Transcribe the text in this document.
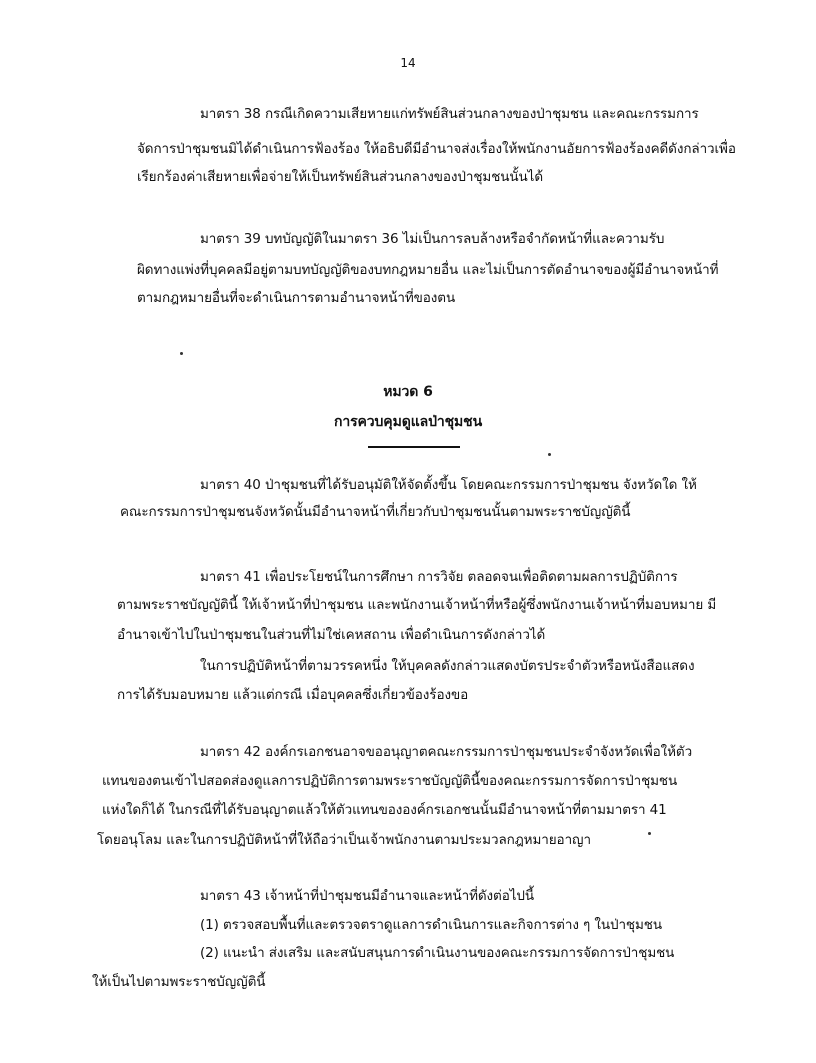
14
มาตรา 38 กรณีเกิดความเสียหายแก่ทรัพย์สินส่วนกลางของป่าชุมชน และคณะกรรมการ
จัดการป่าชุมชนมิได้ดำเนินการฟ้องร้อง ให้อธิบดีมีอำนาจส่งเรื่องให้พนักงานอัยการฟ้องร้องคดีดังกล่าวเพื่อ
เรียกร้องค่าเสียหายเพื่อจ่ายให้เป็นทรัพย์สินส่วนกลางของป่าชุมชนนั้นได้
มาตรา 39 บทบัญญัติในมาตรา 36 ไม่เป็นการลบล้างหรือจำกัดหน้าที่และความรับ
ผิดทางแพ่งที่บุคคลมีอยู่ตามบทบัญญัติของบทกฎหมายอื่น และไม่เป็นการตัดอำนาจของผู้มีอำนาจหน้าที่
ตามกฎหมายอื่นที่จะดำเนินการตามอำนาจหน้าที่ของตน
หมวด 6
การควบคุมดูแลป่าชุมชน
มาตรา 40 ป่าชุมชนที่ได้รับอนุมัติให้จัดตั้งขึ้น โดยคณะกรรมการป่าชุมชน จังหวัดใด ให้
คณะกรรมการป่าชุมชนจังหวัดนั้นมีอำนาจหน้าที่เกี่ยวกับป่าชุมชนนั้นตามพระราชบัญญัตินี้
มาตรา 41 เพื่อประโยชน์ในการศึกษา การวิจัย ตลอดจนเพื่อติดตามผลการปฏิบัติการ
ตามพระราชบัญญัตินี้ ให้เจ้าหน้าที่ป่าชุมชน และพนักงานเจ้าหน้าที่หรือผู้ซึ่งพนักงานเจ้าหน้าที่มอบหมาย มี
อำนาจเข้าไปในป่าชุมชนในส่วนที่ไม่ใช่เคหสถาน เพื่อดำเนินการดังกล่าวได้
ในการปฏิบัติหน้าที่ตามวรรคหนึ่ง ให้บุคคลดังกล่าวแสดงบัตรประจำตัวหรือหนังสือแสดง
การได้รับมอบหมาย แล้วแต่กรณี เมื่อบุคคลซึ่งเกี่ยวข้องร้องขอ
มาตรา 42 องค์กรเอกชนอาจขออนุญาตคณะกรรมการป่าชุมชนประจำจังหวัดเพื่อให้ตัว
แทนของตนเข้าไปสอดส่องดูแลการปฏิบัติการตามพระราชบัญญัตินี้ของคณะกรรมการจัดการป่าชุมชน
แห่งใดก็ได้ ในกรณีที่ได้รับอนุญาตแล้วให้ตัวแทนขององค์กรเอกชนนั้นมีอำนาจหน้าที่ตามมาตรา 41
โดยอนุโลม และในการปฏิบัติหน้าที่ให้ถือว่าเป็นเจ้าพนักงานตามประมวลกฎหมายอาญา
มาตรา 43 เจ้าหน้าที่ป่าชุมชนมีอำนาจและหน้าที่ดังต่อไปนี้
(1) ตรวจสอบพื้นที่และตรวจตราดูแลการดำเนินการและกิจการต่าง ๆ ในป่าชุมชน
(2) แนะนำ ส่งเสริม และสนับสนุนการดำเนินงานของคณะกรรมการจัดการป่าชุมชน
ให้เป็นไปตามพระราชบัญญัตินี้
